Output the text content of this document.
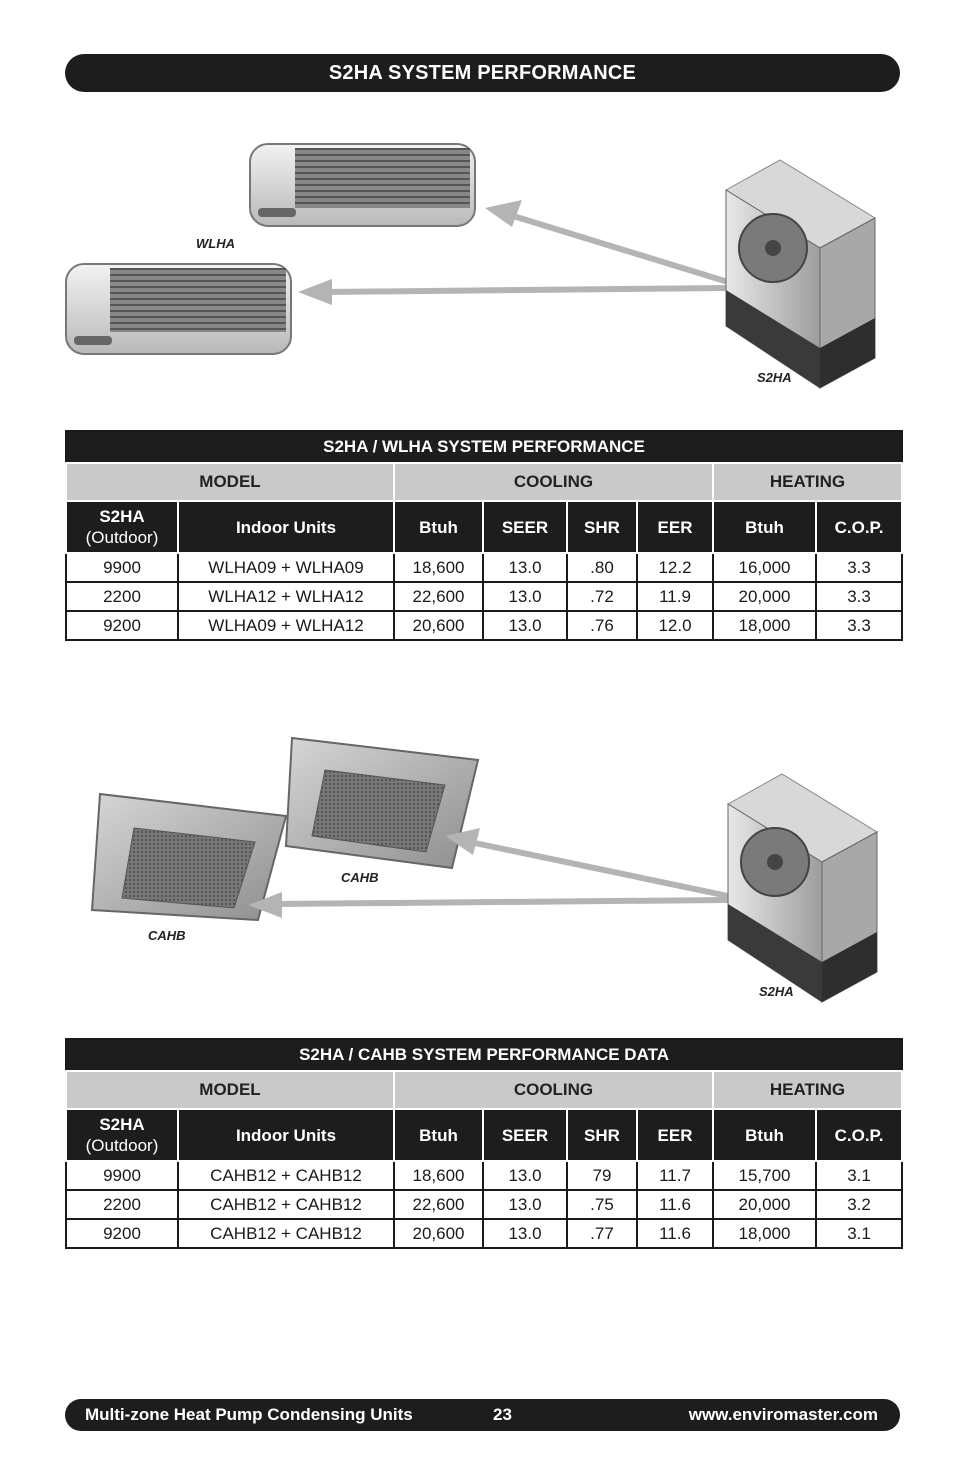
S2HA SYSTEM PERFORMANCE
WLHA
S2HA
S2HA / WLHA SYSTEM PERFORMANCE							
MODEL		COOLING				HEATING	
S2HA
(Outdoor)	Indoor Units	Btuh	SEER	SHR	EER	Btuh	C.O.P.
9900	WLHA09 + WLHA09	18,600	13.0	.80	12.2	16,000	3.3
2200	WLHA12 + WLHA12	22,600	13.0	.72	11.9	20,000	3.3
9200	WLHA09 + WLHA12	20,600	13.0	.76	12.0	18,000	3.3
CAHB
CAHB
S2HA
S2HA / CAHB SYSTEM PERFORMANCE DATA							
MODEL		COOLING				HEATING	
S2HA
(Outdoor)	Indoor Units	Btuh	SEER	SHR	EER	Btuh	C.O.P.
9900	CAHB12 + CAHB12	18,600	13.0	79	11.7	15,700	3.1
2200	CAHB12 + CAHB12	22,600	13.0	.75	11.6	20,000	3.2
9200	CAHB12 + CAHB12	20,600	13.0	.77	11.6	18,000	3.1
Multi-zone Heat Pump Condensing Units	23	www.enviromaster.com
